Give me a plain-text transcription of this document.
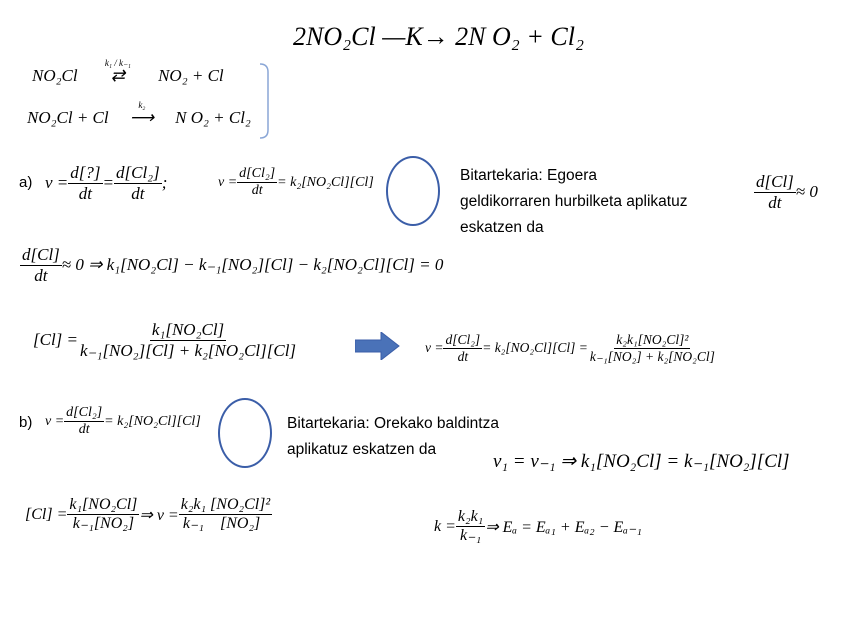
2NO₂Cl —K→ 2N O₂ + Cl₂
NO₂Cl
k₁ / k₋₁
⇄ NO₂ + Cl
NO₂Cl + Cl
k₂
⟶ N O₂ + Cl₂
a) $v = \frac{d[?]}{dt} = \frac{\text{d[Cl₂]}}{dt}$ ;	$v = \frac{\text{d[Cl₂]}}{dt} = k_2[NO_2Cl][Cl]$	Bitartekaria: Egoera
geldikorraren hurbilketa aplikatuz
eskatzen da
$\frac{d[Cl]}{dt} \approx 0$
$\frac{d[Cl]}{dt} \approx 0$ ⇒ k₁[NO₂Cl] − k₋₁[NO₂][Cl] − k₂[NO₂Cl][Cl] = 0
$[Cl] = \frac{\text{k₁[NO₂Cl]}}{\text{k₋₁[NO₂][Cl] + k₂[NO₂Cl][Cl]}}$	$v = \frac{\text{d[Cl₂]}}{dt} = k_2[NO_2Cl][Cl] = \frac{\text{k₂k₁[NO₂Cl]²}}{\text{k₋₁[NO₂] + k₂[NO₂Cl]}}$
b) $v = \frac{\text{d[Cl₂]}}{dt} = k_2[NO_2Cl][Cl]$	Bitartekaria: Orekako baldintza
aplikatuz eskatzen da
v₁ = v₋₁ ⇒ k₁[NO₂Cl] = k₋₁[NO₂][Cl]
$[Cl] = \frac{\text{k₁[NO₂Cl]}}{\text{k₋₁[NO₂]}}$ ⇒ $v = \frac{\text{k₂k₁}}{\text{k₋₁}} \frac{\text{[NO₂Cl]²}}{\text{[NO₂]}}$	$k = \frac{\text{k₂k₁}}{\text{k₋₁}}$ ⇒ Eₐ = Eₐ₁ + Eₐ₂ − Eₐ₋₁
